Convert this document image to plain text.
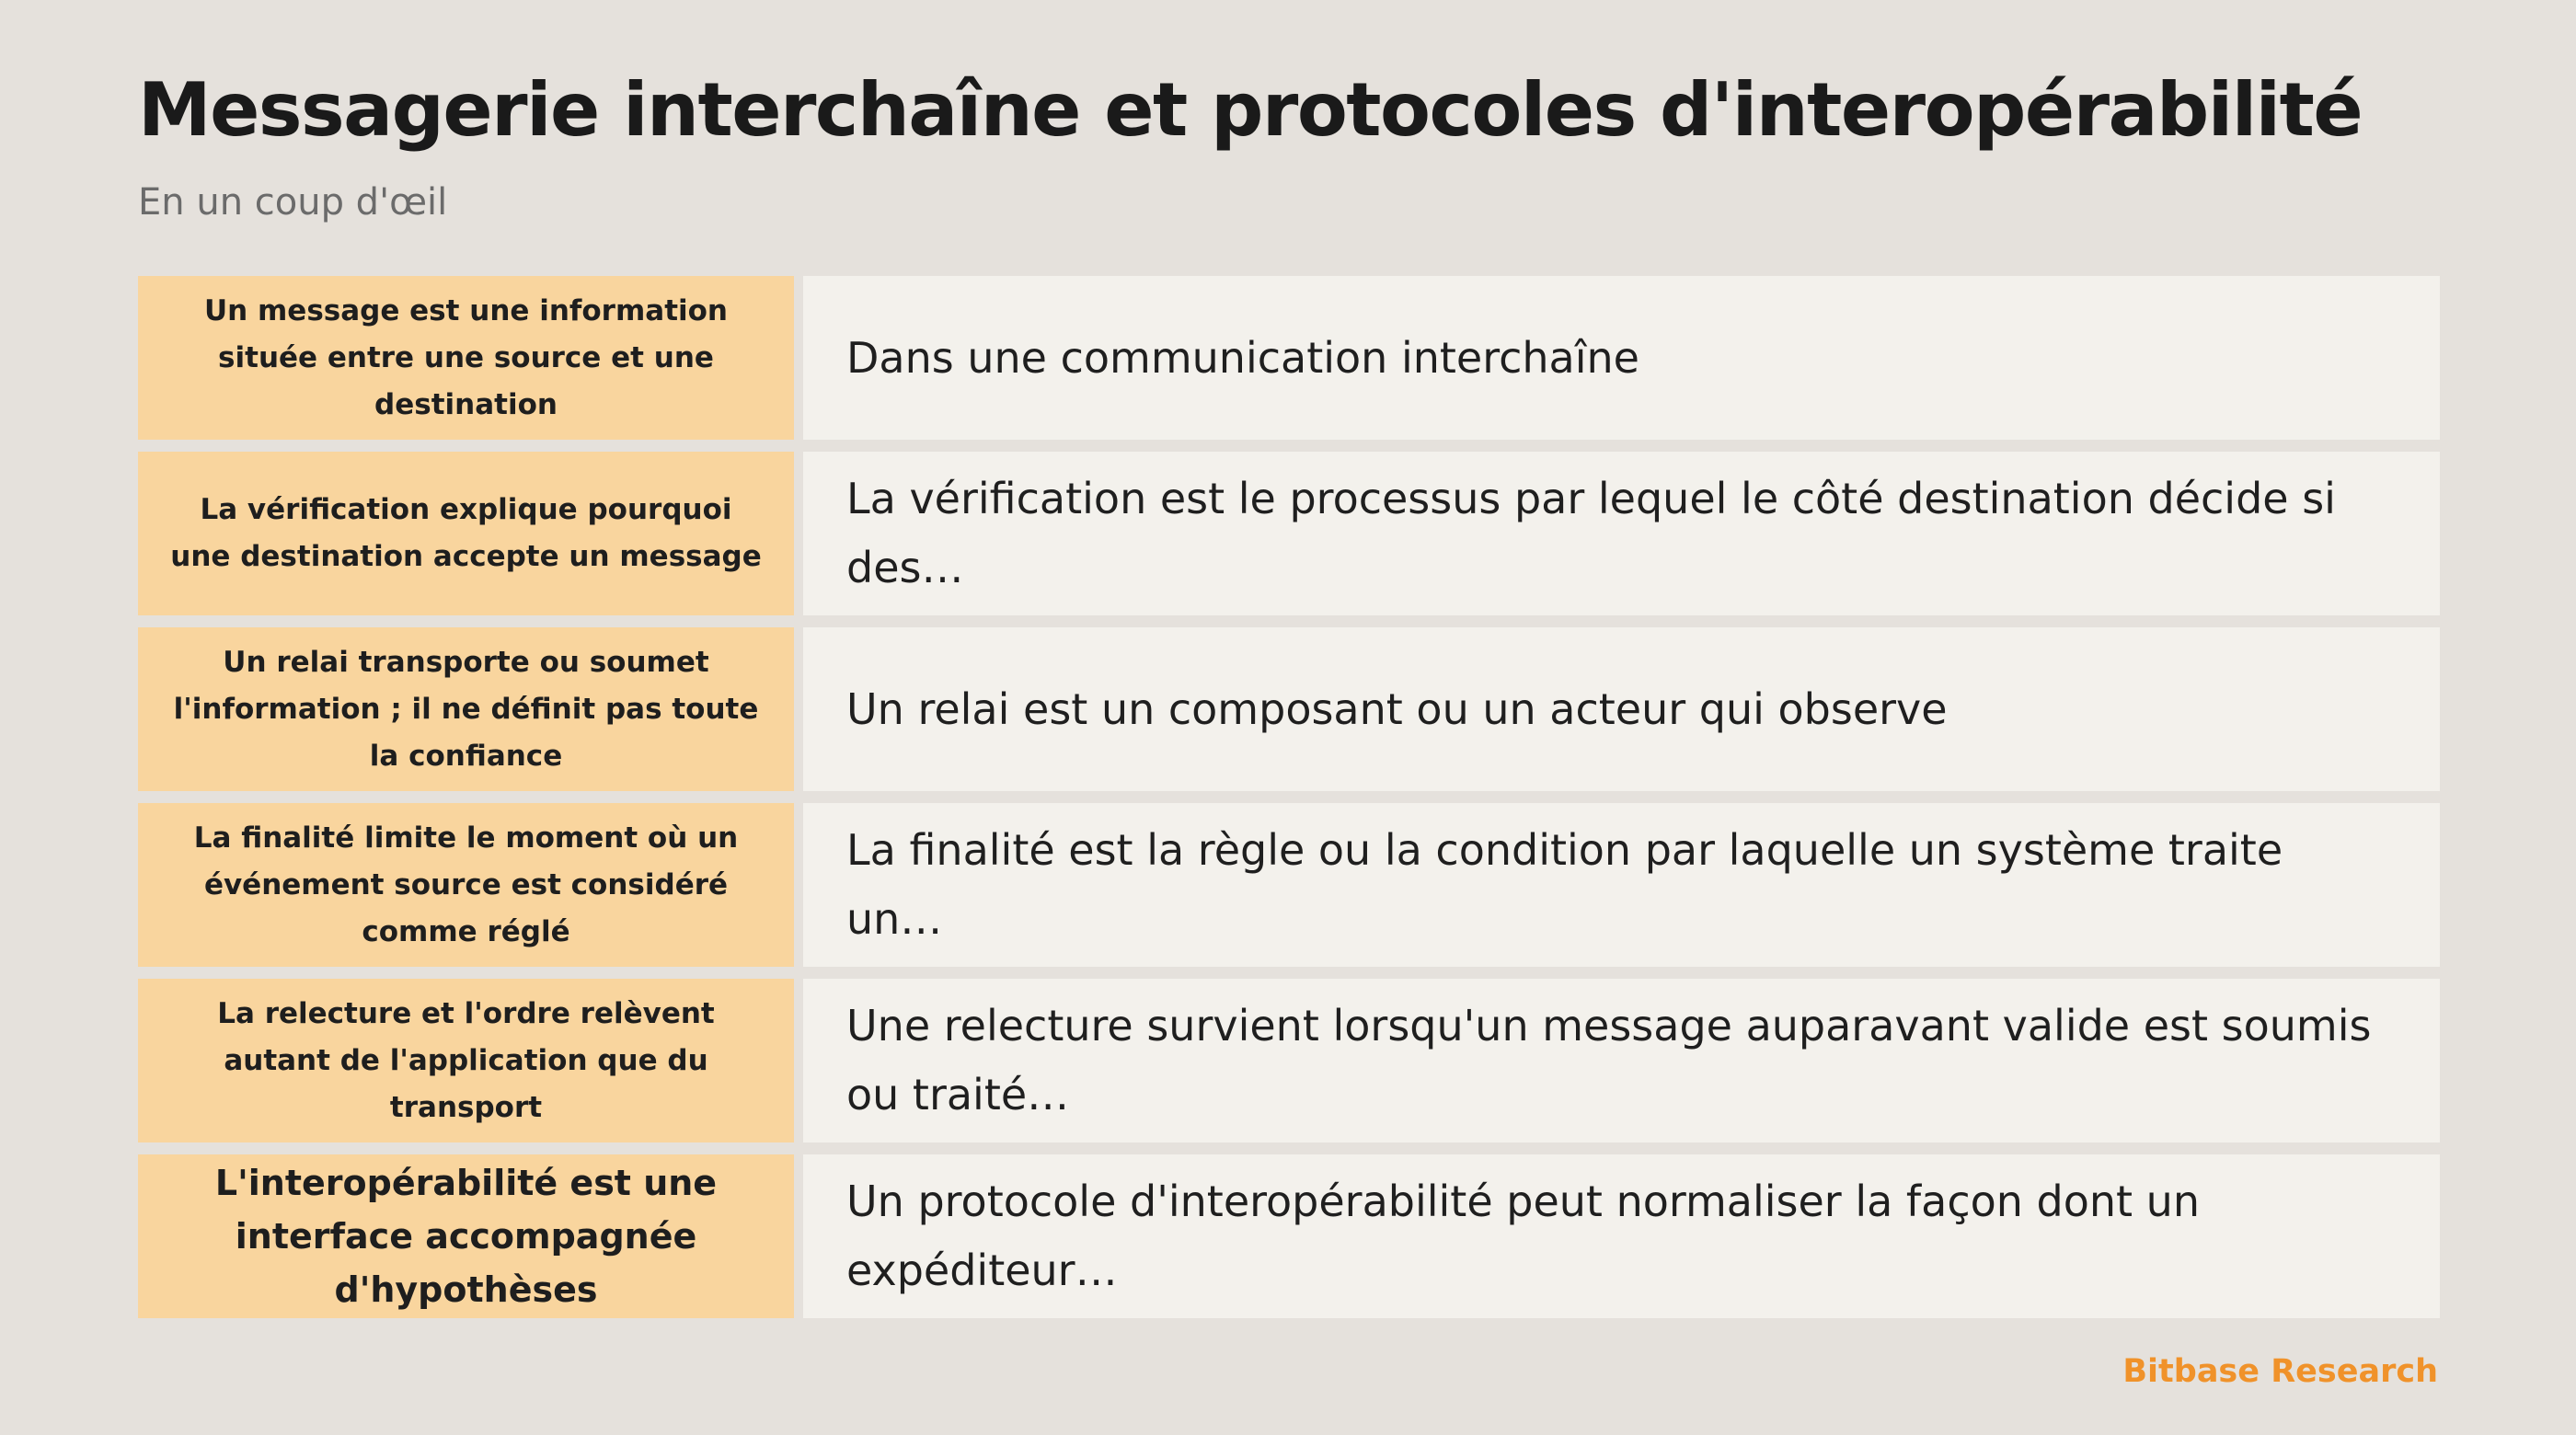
Messagerie interchaîne et protocoles d'interopérabilité
En un coup d'œil
Un message est une information située entre une source et une destination
Dans une communication interchaîne
La vérification explique pourquoi une destination accepte un message
La vérification est le processus par lequel le côté destination décide si des…
Un relai transporte ou soumet l'information ; il ne définit pas toute la confiance
Un relai est un composant ou un acteur qui observe
La finalité limite le moment où un événement source est considéré comme réglé
La finalité est la règle ou la condition par laquelle un système traite un…
La relecture et l'ordre relèvent autant de l'application que du transport
Une relecture survient lorsqu'un message auparavant valide est soumis ou traité…
L'interopérabilité est une interface accompagnée d'hypothèses
Un protocole d'interopérabilité peut normaliser la façon dont un expéditeur…
Bitbase Research
